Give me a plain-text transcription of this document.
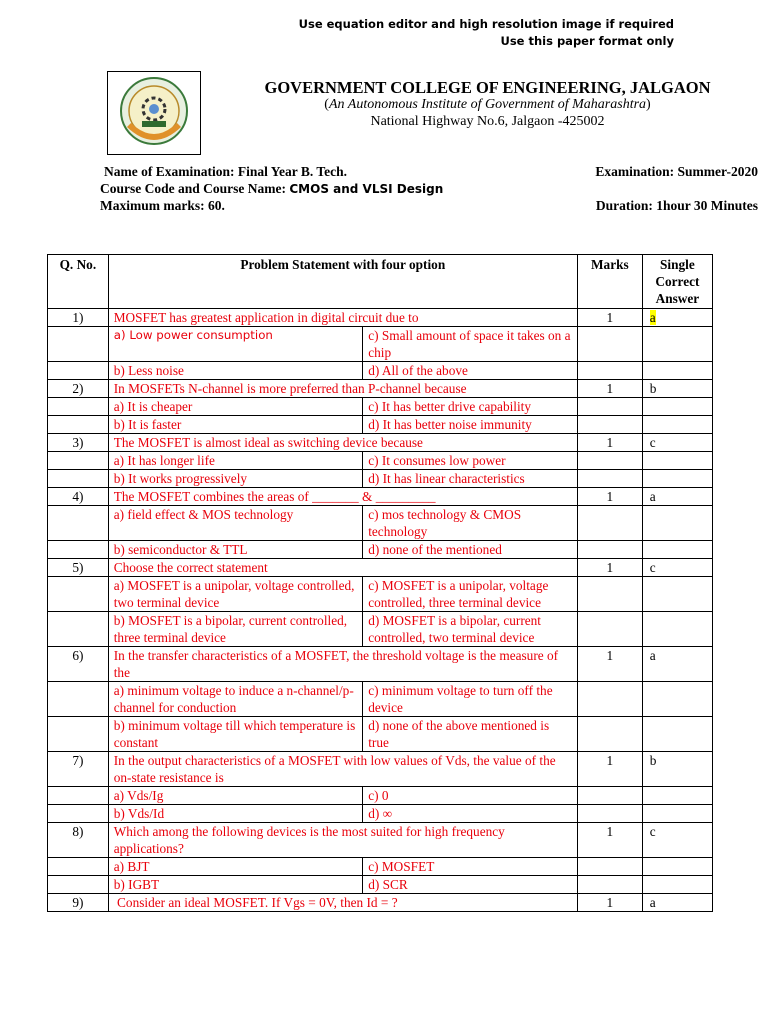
Use equation editor and high resolution image if required
Use this paper format only
GOVERNMENT COLLEGE OF ENGINEERING, JALGAON
(An Autonomous Institute of Government of Maharashtra)
National Highway No.6, Jalgaon -425002
Name of Examination: Final Year B. Tech.	Examination: Summer-2020
Course Code and Course Name: CMOS and VLSI Design
Maximum marks: 60.	Duration: 1hour 30 Minutes
Q. No.	Problem Statement with four option		Marks	Single Correct Answer
1)	MOSFET has greatest application in digital circuit due to		1	a
	a) Low power consumption	c) Small amount of space it takes on a chip		
	b) Less noise	d) All of the above		
2)	In MOSFETs N-channel is more preferred than P-channel because		1	b
	a) It is cheaper	c) It has better drive capability		
	b) It is faster	d) It has better noise immunity		
3)	The MOSFET is almost ideal as switching device because		1	c
	a) It has longer life	c) It consumes low power		
	b) It works progressively	d) It has linear characteristics		
4)	The MOSFET combines the areas of _______ & _________		1	a
	a) field effect & MOS technology	c) mos technology & CMOS technology		
	b) semiconductor & TTL	d) none of the mentioned		
5)	Choose the correct statement		1	c
	a) MOSFET is a unipolar, voltage controlled, two terminal device	c) MOSFET is a unipolar, voltage controlled, three terminal device		
	b) MOSFET is a bipolar, current controlled, three terminal device	d) MOSFET is a bipolar, current controlled, two terminal device		
6)	In the transfer characteristics of a MOSFET, the threshold voltage is the measure of the		1	a
	a) minimum voltage to induce a n-channel/p-channel for conduction	c) minimum voltage to turn off the device		
	b) minimum voltage till which temperature is constant	d) none of the above mentioned is true		
7)	In the output characteristics of a MOSFET with low values of Vds, the value of the on-state resistance is		1	b
	a) Vds/Ig	c) 0		
	b) Vds/Id	d) ∞		
8)	Which among the following devices is the most suited for high frequency applications?		1	c
	a) BJT	c) MOSFET		
	b) IGBT	d) SCR		
9)	Consider an ideal MOSFET. If Vgs = 0V, then Id = ?		1	a
